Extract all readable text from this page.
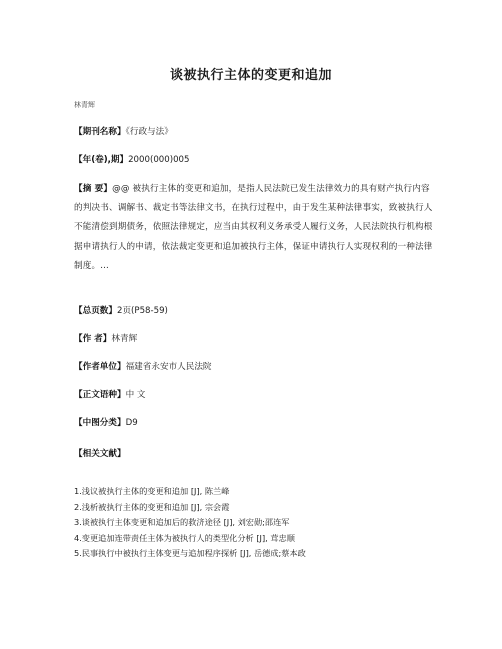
谈被执行主体的变更和追加
林青辉
【期刊名称】《行政与法》
【年(卷),期】2000(000)005
【摘 要】@@ 被执行主体的变更和追加，是指人民法院已发生法律效力的具有财产执行内容的判决书、调解书、裁定书等法律文书，在执行过程中，由于发生某种法律事实，致被执行人不能清偿到期债务，依照法律规定，应当由其权利义务承受人履行义务，人民法院执行机构根据申请执行人的申请，依法裁定变更和追加被执行主体，保证申请执行人实现权利的一种法律制度。...
【总页数】2页(P58-59)
【作 者】林青辉
【作者单位】福建省永安市人民法院
【正文语种】中 文
【中图分类】D9
【相关文献】
1.浅议被执行主体的变更和追加 [J], 陈兰峰
2.浅析被执行主体的变更和追加 [J], 宗会霞
3.谈被执行主体变更和追加后的救济途径 [J], 刘宏勋;邵连军
4.变更追加连带责任主体为被执行人的类型化分析 [J], 茸忠顺
5.民事执行中被执行主体变更与追加程序探析 [J], 岳德成;蔡本政
